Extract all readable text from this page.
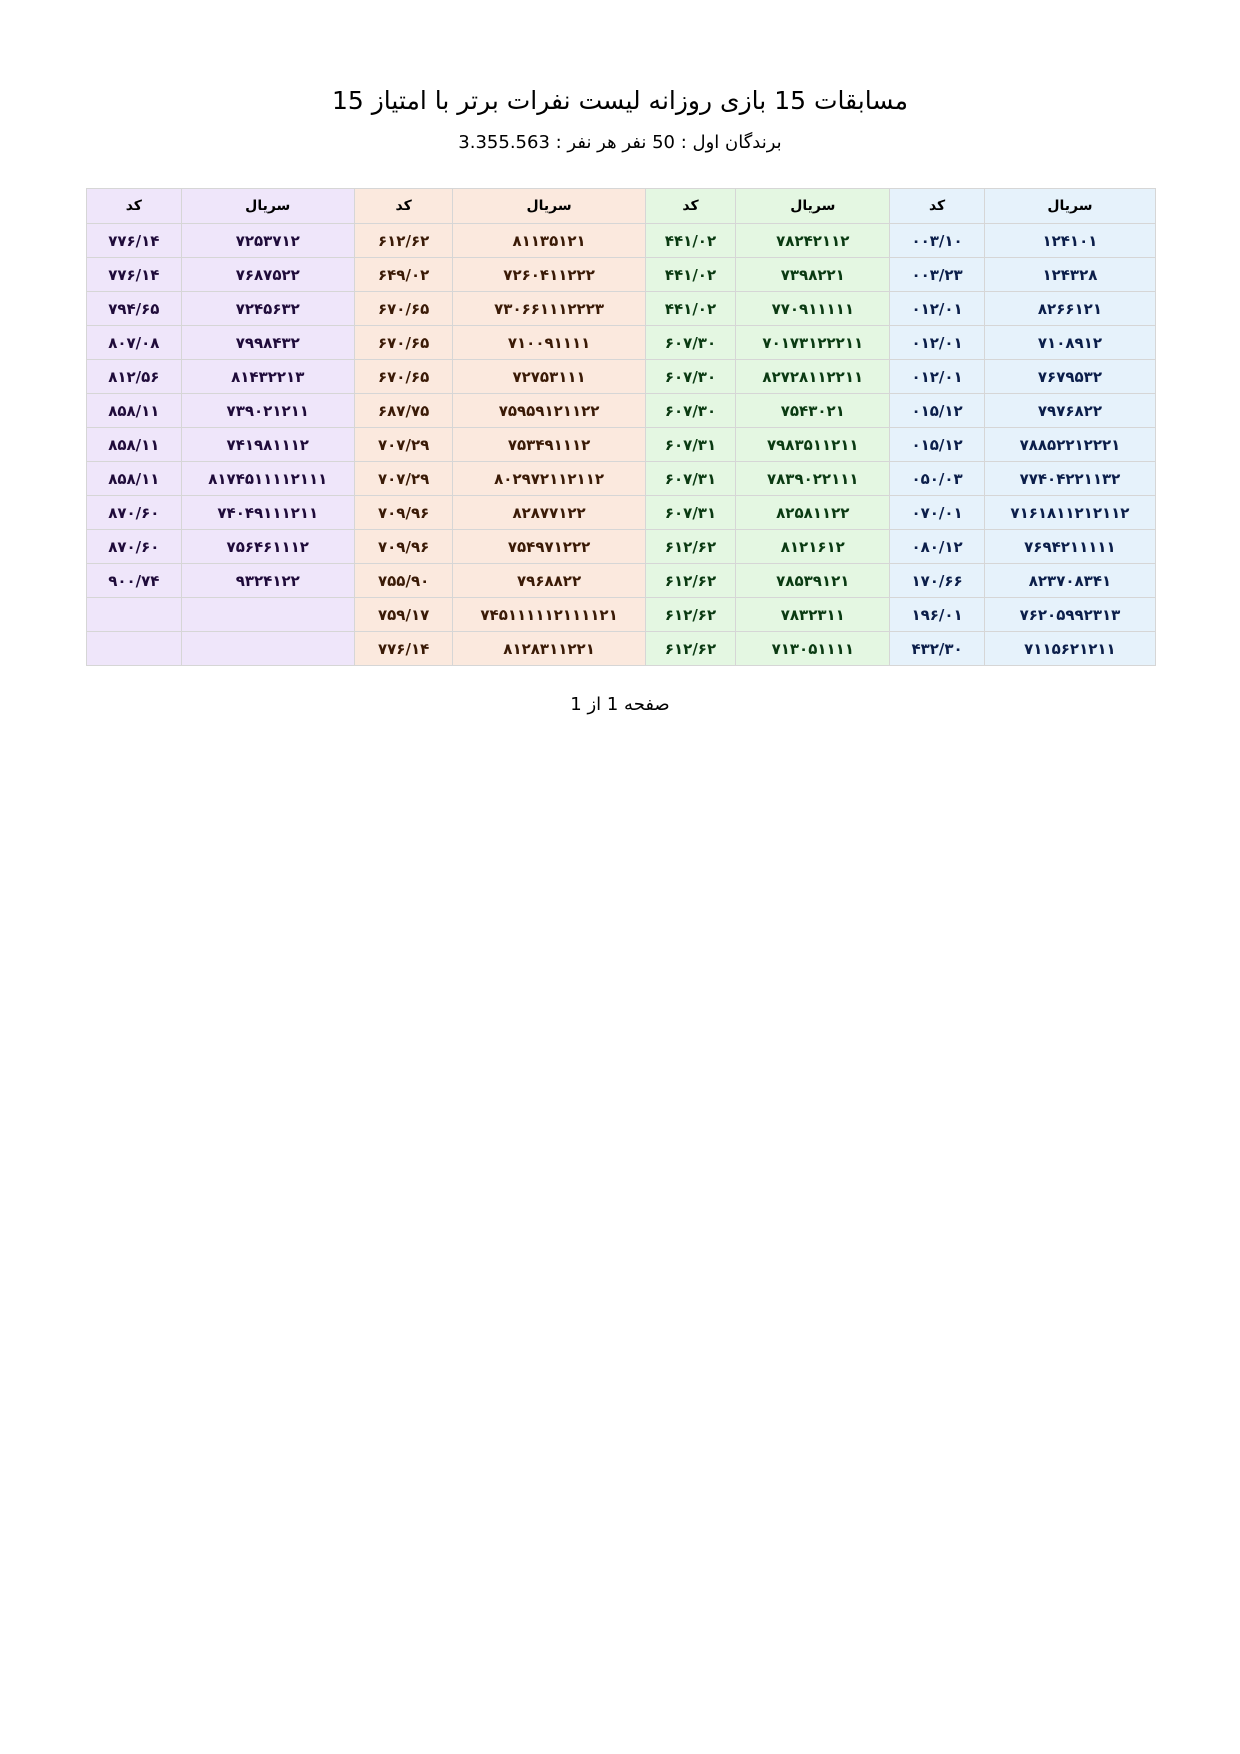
مسابقات 15 بازی روزانه لیست نفرات برتر با امتیاز 15
برندگان اول : 50 نفر هر نفر : 3.355.563
سریال	کد	سریال	کد	سریال	کد	سریال	کد
۱۲۴۱۰۱	۰۰۳/۱۰	۷۸۲۴۲۱۱۲	۴۴۱/۰۲	۸۱۱۳۵۱۲۱	۶۱۲/۶۲	۷۲۵۳۷۱۲	۷۷۶/۱۴
۱۲۴۳۲۸	۰۰۳/۲۳	۷۳۹۸۲۲۱	۴۴۱/۰۲	۷۲۶۰۴۱۱۲۲۲	۶۴۹/۰۲	۷۶۸۷۵۲۲	۷۷۶/۱۴
۸۲۶۶۱۲۱	۰۱۲/۰۱	۷۷۰۹۱۱۱۱۱	۴۴۱/۰۲	۷۳۰۶۶۱۱۱۲۲۲۳	۶۷۰/۶۵	۷۲۴۵۶۳۲	۷۹۴/۶۵
۷۱۰۸۹۱۲	۰۱۲/۰۱	۷۰۱۷۳۱۲۲۲۱۱	۶۰۷/۳۰	۷۱۰۰۹۱۱۱۱	۶۷۰/۶۵	۷۹۹۸۴۳۲	۸۰۷/۰۸
۷۶۷۹۵۳۲	۰۱۲/۰۱	۸۲۷۲۸۱۱۲۲۱۱	۶۰۷/۳۰	۷۲۷۵۳۱۱۱	۶۷۰/۶۵	۸۱۴۳۲۲۱۳	۸۱۲/۵۶
۷۹۷۶۸۲۲	۰۱۵/۱۲	۷۵۴۳۰۲۱	۶۰۷/۳۰	۷۵۹۵۹۱۲۱۱۲۲	۶۸۷/۷۵	۷۳۹۰۲۱۲۱۱	۸۵۸/۱۱
۷۸۸۵۲۲۱۲۲۲۱	۰۱۵/۱۲	۷۹۸۳۵۱۱۲۱۱	۶۰۷/۳۱	۷۵۳۴۹۱۱۱۲	۷۰۷/۲۹	۷۴۱۹۸۱۱۱۲	۸۵۸/۱۱
۷۷۴۰۴۲۲۱۱۳۲	۰۵۰/۰۳	۷۸۳۹۰۲۲۱۱۱	۶۰۷/۳۱	۸۰۲۹۷۲۱۱۲۱۱۲	۷۰۷/۲۹	۸۱۷۴۵۱۱۱۱۲۱۱۱	۸۵۸/۱۱
۷۱۶۱۸۱۱۲۱۲۱۱۲	۰۷۰/۰۱	۸۲۵۸۱۱۲۲	۶۰۷/۳۱	۸۲۸۷۷۱۲۲	۷۰۹/۹۶	۷۴۰۴۹۱۱۱۲۱۱	۸۷۰/۶۰
۷۶۹۴۲۱۱۱۱۱	۰۸۰/۱۲	۸۱۲۱۶۱۲	۶۱۲/۶۲	۷۵۴۹۷۱۲۲۲	۷۰۹/۹۶	۷۵۶۴۶۱۱۱۲	۸۷۰/۶۰
۸۲۳۷۰۸۳۴۱	۱۷۰/۶۶	۷۸۵۳۹۱۲۱	۶۱۲/۶۲	۷۹۶۸۸۲۲	۷۵۵/۹۰	۹۳۲۴۱۲۲	۹۰۰/۷۴
۷۶۲۰۵۹۹۲۳۱۳	۱۹۶/۰۱	۷۸۳۲۳۱۱	۶۱۲/۶۲	۷۴۵۱۱۱۱۱۲۱۱۱۱۲۱	۷۵۹/۱۷		
۷۱۱۵۶۲۱۲۱۱	۴۳۲/۳۰	۷۱۳۰۵۱۱۱۱	۶۱۲/۶۲	۸۱۲۸۳۱۱۲۲۱	۷۷۶/۱۴		
صفحه 1 از 1
